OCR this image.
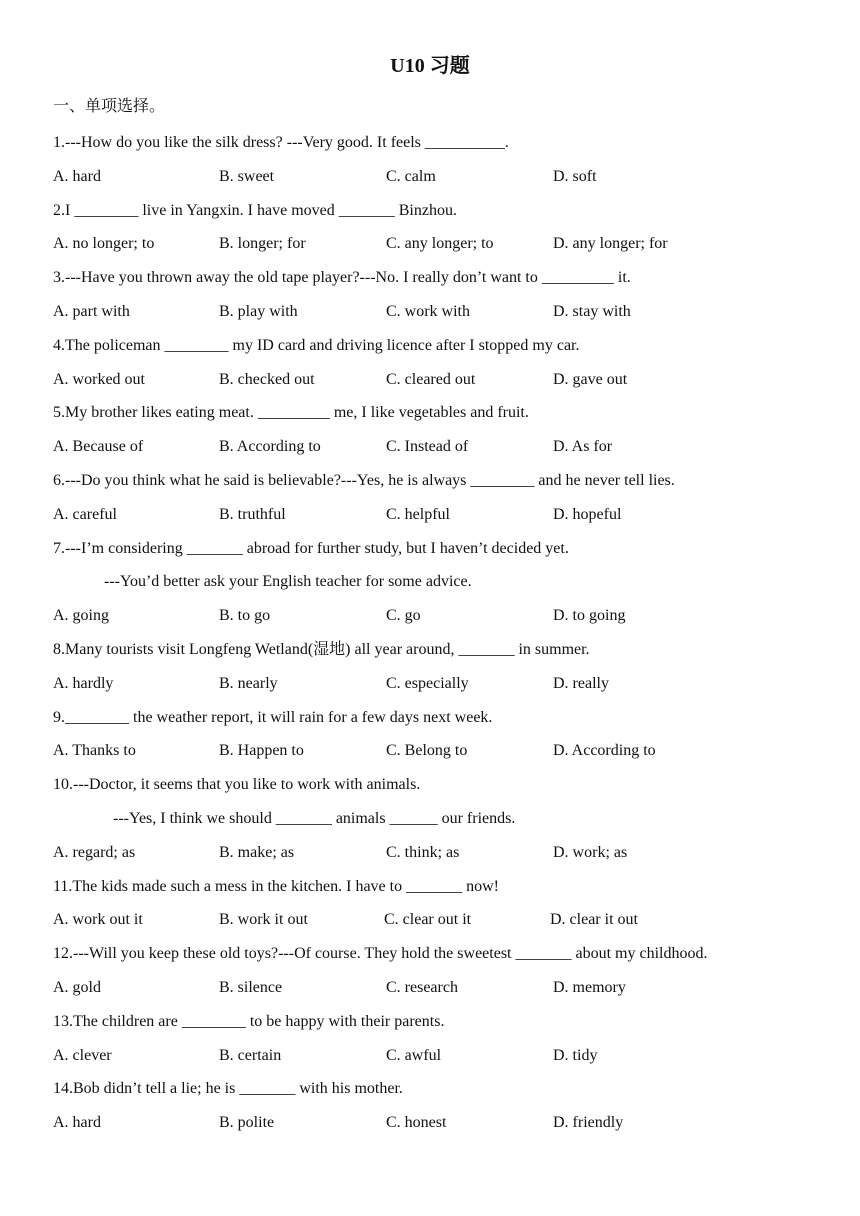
U10 习题
一、单项选择。
1.---How do you like the silk dress? ---Very good. It feels __________.
A. hard	B. sweet	C. calm	D. soft
2.I ________ live in Yangxin. I have moved _______ Binzhou.
A. no longer; to	B. longer; for	C. any longer; to	D. any longer; for
3.---Have you thrown away the old tape player?---No. I really don’t want to _________ it.
A. part with	B. play with	C. work with	D. stay with
4.The policeman ________ my ID card and driving licence after I stopped my car.
A. worked out	B. checked out	C. cleared out	D. gave out
5.My brother likes eating meat. _________ me, I like vegetables and fruit.
A. Because of	B. According to	C. Instead of	D. As for
6.---Do you think what he said is believable?---Yes, he is always ________ and he never tell lies.
A. careful	B. truthful	C. helpful	D. hopeful
7.---I’m considering _______ abroad for further study, but I haven’t decided yet.
---You’d better ask your English teacher for some advice.
A. going	B. to go	C. go	D. to going
8.Many tourists visit Longfeng Wetland(湿地) all year around, _______ in summer.
A. hardly	B. nearly	C. especially	D. really
9.________ the weather report, it will rain for a few days next week.
A. Thanks to	B. Happen to	C. Belong to	D. According to
10.---Doctor, it seems that you like to work with animals.
---Yes, I think we should _______ animals ______ our friends.
A. regard; as	B. make; as	C. think; as	D. work; as
11.The kids made such a mess in the kitchen. I have to _______ now!
A. work out it	B. work it out	C. clear out it	D. clear it out
12.---Will you keep these old toys?---Of course. They hold the sweetest _______ about my childhood.
A. gold	B. silence	C. research	D. memory
13.The children are ________ to be happy with their parents.
A. clever	B. certain	C. awful	D. tidy
14.Bob didn’t tell a lie; he is _______ with his mother.
A. hard	B. polite	C. honest	D. friendly
